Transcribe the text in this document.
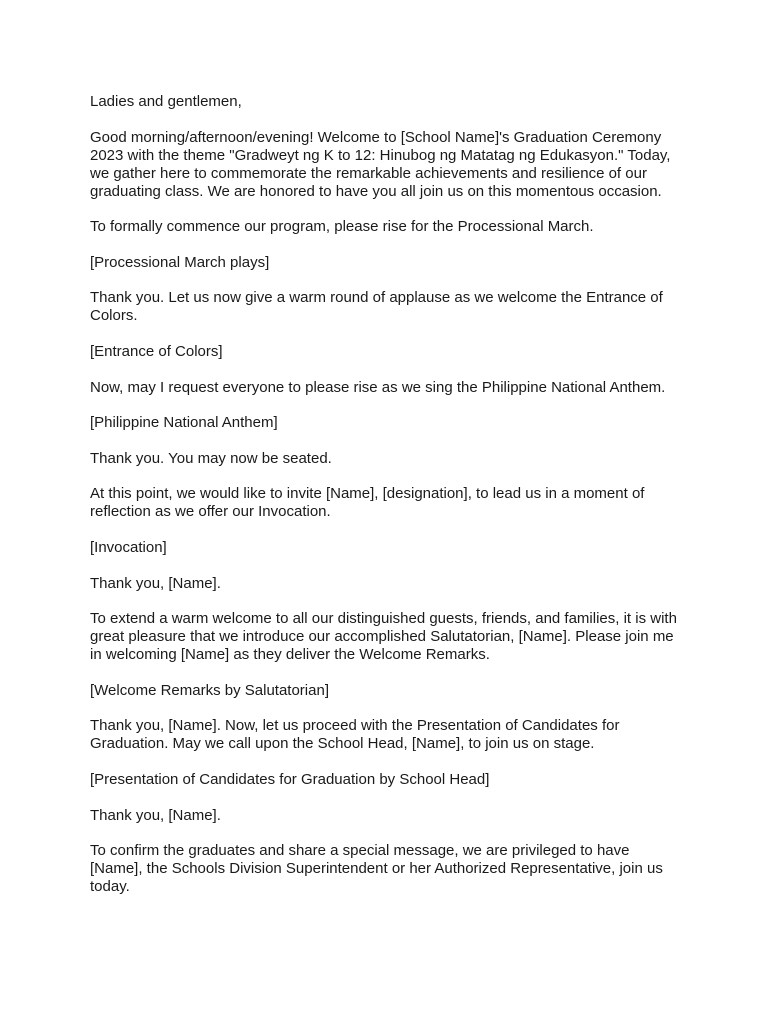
Ladies and gentlemen,

Good morning/afternoon/evening! Welcome to [School Name]'s Graduation Ceremony 2023 with the theme "Gradweyt ng K to 12: Hinubog ng Matatag ng Edukasyon." Today, we gather here to commemorate the remarkable achievements and resilience of our graduating class. We are honored to have you all join us on this momentous occasion.

To formally commence our program, please rise for the Processional March.

[Processional March plays]

Thank you. Let us now give a warm round of applause as we welcome the Entrance of Colors.

[Entrance of Colors]

Now, may I request everyone to please rise as we sing the Philippine National Anthem.

[Philippine National Anthem]

Thank you. You may now be seated.

At this point, we would like to invite [Name], [designation], to lead us in a moment of reflection as we offer our Invocation.

[Invocation]

Thank you, [Name].

To extend a warm welcome to all our distinguished guests, friends, and families, it is with great pleasure that we introduce our accomplished Salutatorian, [Name]. Please join me in welcoming [Name] as they deliver the Welcome Remarks.

[Welcome Remarks by Salutatorian]

Thank you, [Name]. Now, let us proceed with the Presentation of Candidates for Graduation. May we call upon the School Head, [Name], to join us on stage.

[Presentation of Candidates for Graduation by School Head]

Thank you, [Name].

To confirm the graduates and share a special message, we are privileged to have [Name], the Schools Division Superintendent or her Authorized Representative, join us today.
